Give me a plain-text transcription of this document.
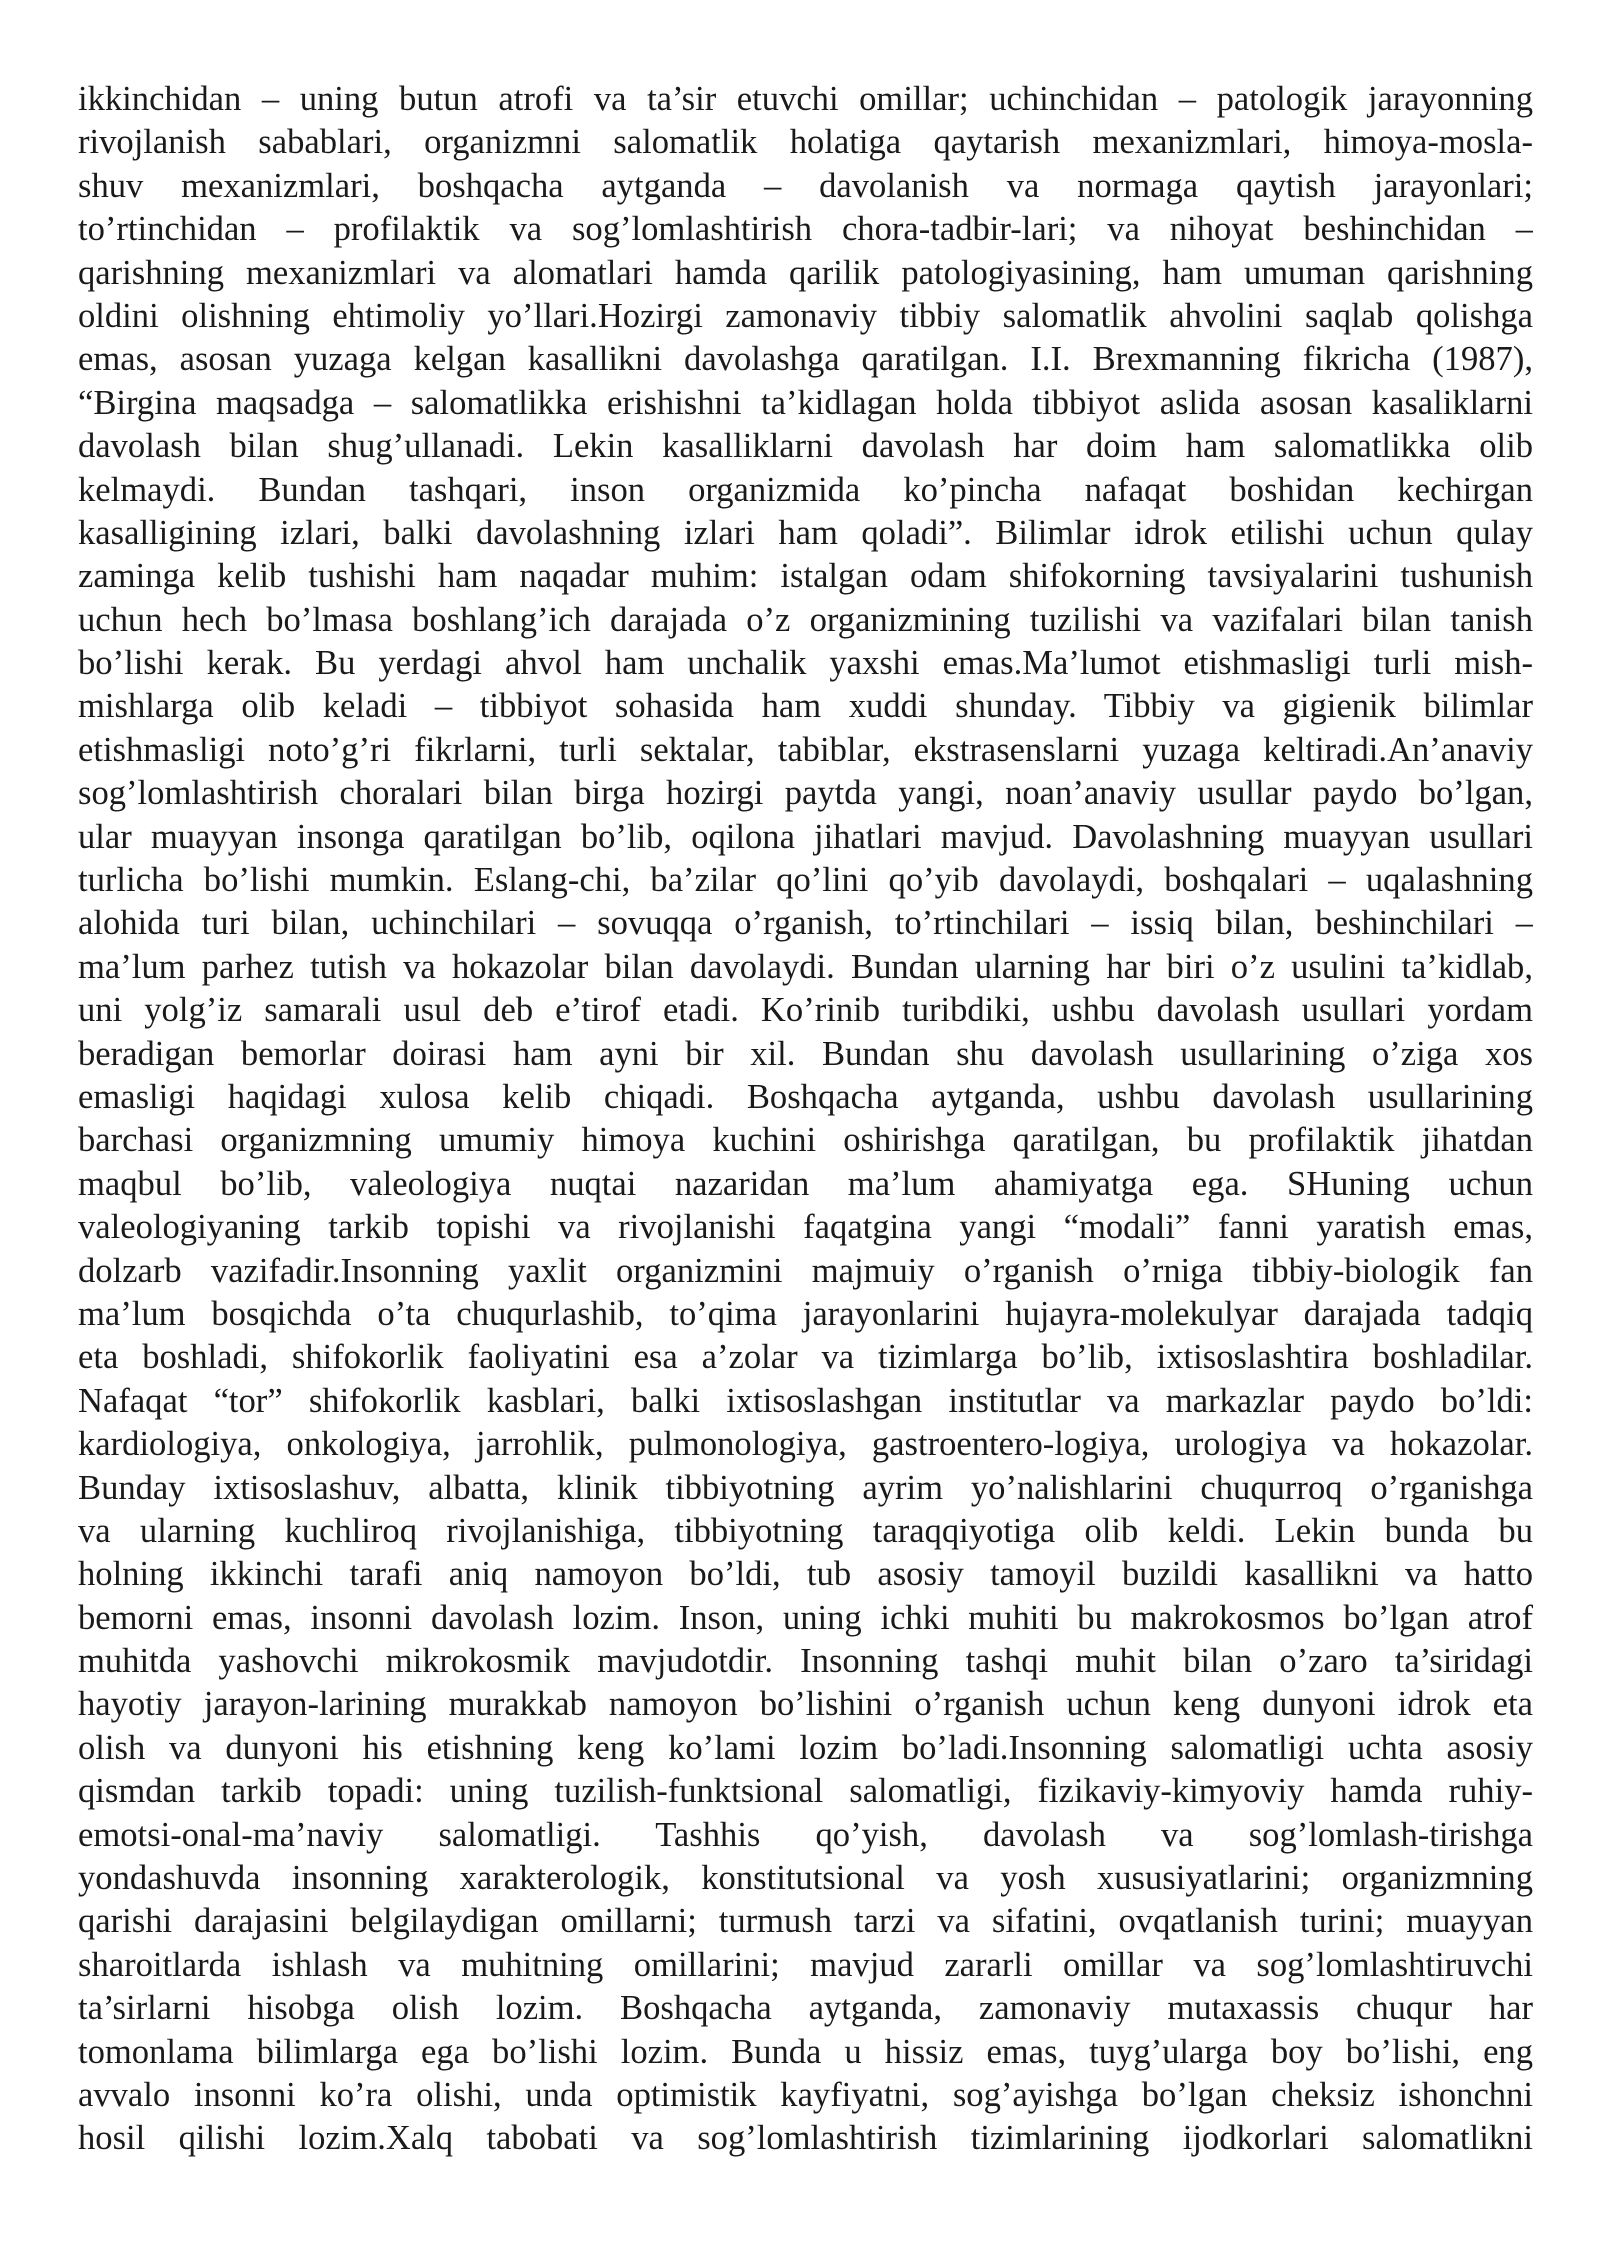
ikkinchidan – uning butun atrofi va ta’sir etuvchi omillar; uchinchidan – patologik jarayonning
rivojlanish sabablari, organizmni salomatlik holatiga qaytarish mexanizmlari, himoya-mosla-
shuv mexanizmlari, boshqacha aytganda – davolanish va normaga qaytish jarayonlari;
to’rtinchidan – profilaktik va sog’lomlashtirish chora-tadbir-lari; va nihoyat beshinchidan –
qarishning mexanizmlari va alomatlari hamda qarilik patologiyasining, ham umuman qarishning
oldini olishning ehtimoliy yo’llari.Hozirgi zamonaviy tibbiy salomatlik ahvolini saqlab qolishga
emas, asosan yuzaga kelgan kasallikni davolashga qaratilgan. I.I. Brexmanning fikricha (1987),
“Birgina maqsadga – salomatlikka erishishni ta’kidlagan holda tibbiyot aslida asosan kasaliklarni
davolash bilan shug’ullanadi. Lekin kasalliklarni davolash har doim ham salomatlikka olib
kelmaydi. Bundan tashqari, inson organizmida ko’pincha nafaqat boshidan kechirgan
kasalligining izlari, balki davolashning izlari ham qoladi”. Bilimlar idrok etilishi uchun qulay
zaminga kelib tushishi ham naqadar muhim: istalgan odam shifokorning tavsiyalarini tushunish
uchun hech bo’lmasa boshlang’ich darajada o’z organizmining tuzilishi va vazifalari bilan tanish
bo’lishi kerak. Bu yerdagi ahvol ham unchalik yaxshi emas.Ma’lumot etishmasligi turli mish-
mishlarga olib keladi – tibbiyot sohasida ham xuddi shunday. Tibbiy va gigienik bilimlar
etishmasligi noto’g’ri fikrlarni, turli sektalar, tabiblar, ekstrasenslarni yuzaga keltiradi.An’anaviy
sog’lomlashtirish choralari bilan birga hozirgi paytda yangi, noan’anaviy usullar paydo bo’lgan,
ular muayyan insonga qaratilgan bo’lib, oqilona jihatlari mavjud. Davolashning muayyan usullari
turlicha bo’lishi mumkin. Eslang-chi, ba’zilar qo’lini qo’yib davolaydi, boshqalari – uqalashning
alohida turi bilan, uchinchilari – sovuqqa o’rganish, to’rtinchilari – issiq bilan, beshinchilari –
ma’lum parhez tutish va hokazolar bilan davolaydi. Bundan ularning har biri o’z usulini ta’kidlab,
uni yolg’iz samarali usul deb e’tirof etadi. Ko’rinib turibdiki, ushbu davolash usullari yordam
beradigan bemorlar doirasi ham ayni bir xil. Bundan shu davolash usullarining o’ziga xos
emasligi haqidagi xulosa kelib chiqadi. Boshqacha aytganda, ushbu davolash usullarining
barchasi organizmning umumiy himoya kuchini oshirishga qaratilgan, bu profilaktik jihatdan
maqbul bo’lib, valeologiya nuqtai nazaridan ma’lum ahamiyatga ega. SHuning uchun
valeologiyaning tarkib topishi va rivojlanishi faqatgina yangi “modali” fanni yaratish emas,
dolzarb vazifadir.Insonning yaxlit organizmini majmuiy o’rganish o’rniga tibbiy-biologik fan
ma’lum bosqichda o’ta chuqurlashib, to’qima jarayonlarini hujayra-molekulyar darajada tadqiq
eta boshladi, shifokorlik faoliyatini esa a’zolar va tizimlarga bo’lib, ixtisoslashtira boshladilar.
Nafaqat “tor” shifokorlik kasblari, balki ixtisoslashgan institutlar va markazlar paydo bo’ldi:
kardiologiya, onkologiya, jarrohlik, pulmonologiya, gastroentero-logiya, urologiya va hokazolar.
Bunday ixtisoslashuv, albatta, klinik tibbiyotning ayrim yo’nalishlarini chuqurroq o’rganishga
va ularning kuchliroq rivojlanishiga, tibbiyotning taraqqiyotiga olib keldi. Lekin bunda bu
holning ikkinchi tarafi aniq namoyon bo’ldi, tub asosiy tamoyil buzildi kasallikni va hatto
bemorni emas, insonni davolash lozim. Inson, uning ichki muhiti bu makrokosmos bo’lgan atrof
muhitda yashovchi mikrokosmik mavjudotdir. Insonning tashqi muhit bilan o’zaro ta’siridagi
hayotiy jarayon-larining murakkab namoyon bo’lishini o’rganish uchun keng dunyoni idrok eta
olish va dunyoni his etishning keng ko’lami lozim bo’ladi.Insonning salomatligi uchta asosiy
qismdan tarkib topadi: uning tuzilish-funktsional salomatligi, fizikaviy-kimyoviy hamda ruhiy-
emotsi-onal-ma’naviy salomatligi. Tashhis qo’yish, davolash va sog’lomlash-tirishga
yondashuvda insonning xarakterologik, konstitutsional va yosh xususiyatlarini; organizmning
qarishi darajasini belgilaydigan omillarni; turmush tarzi va sifatini, ovqatlanish turini; muayyan
sharoitlarda ishlash va muhitning omillarini; mavjud zararli omillar va sog’lomlashtiruvchi
ta’sirlarni hisobga olish lozim. Boshqacha aytganda, zamonaviy mutaxassis chuqur har
tomonlama bilimlarga ega bo’lishi lozim. Bunda u hissiz emas, tuyg’ularga boy bo’lishi, eng
avvalo insonni ko’ra olishi, unda optimistik kayfiyatni, sog’ayishga bo’lgan cheksiz ishonchni
hosil qilishi lozim.Xalq tabobati va sog’lomlashtirish tizimlarining ijodkorlari salomatlikni
